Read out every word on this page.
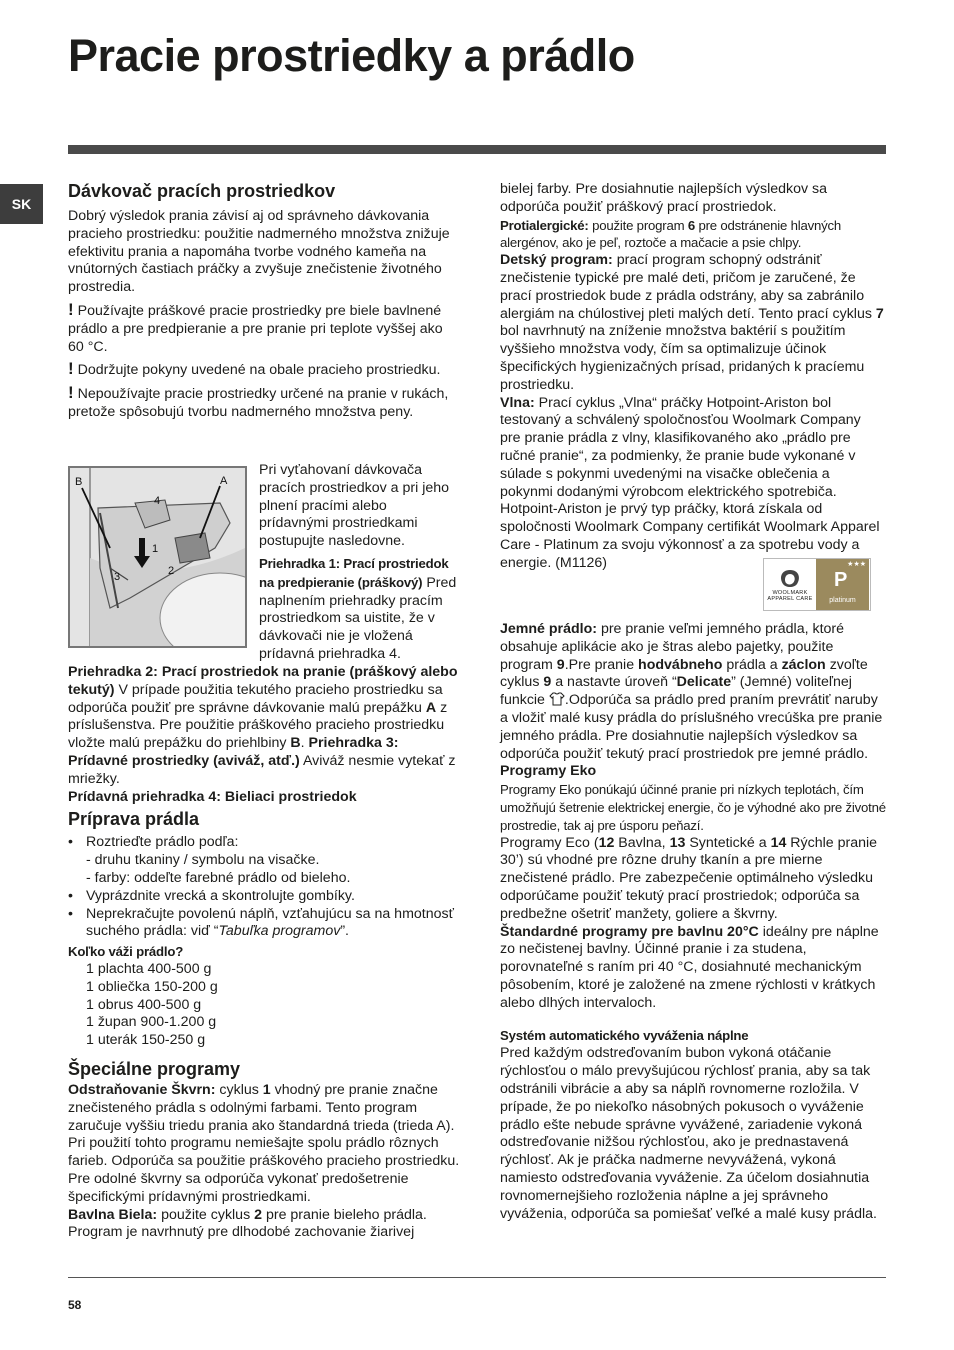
Pracie prostriedky a prádlo
SK

Dávkovač pracích prostriedkov

Dobrý výsledok prania závisí aj od správneho dávkovania pracieho prostriedku: použitie nadmerného množstva znižuje efektivitu prania a napomáha tvorbe vodného kameňa na vnútorných častiach práčky a zvyšuje znečistenie životného prostredia.

! Používajte práškové pracie prostriedky pre biele bavlnené prádlo a pre predpieranie a pre pranie pri teplote vyššej ako 60 °C.

! Dodržujte pokyny uvedené na obale pracieho prostriedku.

! Nepoužívajte pracie prostriedky určené na pranie v rukách, pretože spôsobujú tvorbu nadmerného množstva peny.

B	A
1
2
3
4

Pri vyťahovaní dávkovača pracích prostriedkov a pri jeho plnení pracími alebo prídavnými prostriedkami postupujte nasledovne.

Priehradka 1: Prací prostriedok na predpieranie (práškový) Pred naplnením priehradky pracím prostriedkom sa uistite, že v dávkovači nie je vložená prídavná priehradka 4.

Priehradka 2: Prací prostriedok na pranie (práškový alebo tekutý) V prípade použitia tekutého pracieho prostriedku sa odporúča použiť pre správne dávkovanie malú prepážku A z príslušenstva. Pre použitie práškového pracieho prostriedku vložte malú prepážku do priehlbiny B. Priehradka 3: Prídavné prostriedky (aviváž, atď.) Aviváž nesmie vytekať z mriežky.

Prídavná priehradka 4: Bieliaci prostriedok

Príprava prádla

• Roztrieďte prádlo podľa:
- druhu tkaniny / symbolu na visačke.
- farby: oddeľte farebné prádlo od bieleho.
• Vyprázdnite vrecká a skontrolujte gombíky.
• Neprekračujte povolenú náplň, vzťahujúcu sa na hmotnosť suchého prádla: viď “Tabuľka programov”.

Koľko váži prádlo?

1 plachta 400-500 g
1 obliečka 150-200 g
1 obrus 400-500 g
1 župan 900-1.200 g
1 uterák 150-250 g

Špeciálne programy

Odstraňovanie Škvrn: cyklus 1 vhodný pre pranie značne znečisteného prádla s odolnými farbami. Tento program zaručuje vyššiu triedu prania ako štandardná trieda (trieda A). Pri použití tohto programu nemiešajte spolu prádlo rôznych farieb. Odporúča sa použitie práškového pracieho prostriedku. Pre odolné škvrny sa odporúča vykonať predošetrenie špecifickými prídavnými prostriedkami.

Bavlna Biela: použite cyklus 2 pre pranie bieleho prádla. Program je navrhnutý pre dlhodobé zachovanie žiarivej

bielej farby. Pre dosiahnutie najlepších výsledkov sa odporúča použiť práškový prací prostriedok.

Protialergické: použite program 6 pre odstránenie hlavných alergénov, ako je peľ, roztoče a mačacie a psie chlpy.

Detský program: prací program schopný odstrániť znečistenie typické pre malé deti, pričom je zaručené, že prací prostriedok bude z prádla odstrány, aby sa zabránilo alergiám na chúlostivej pleti malých detí. Tento prací cyklus 7 bol navrhnutý na zníženie množstva baktérií s použitím vyššieho množstva vody, čím sa optimalizuje účinok špecifických hygienizačných prísad, pridaných k pracíemu prostriedku.

Vlna: Prací cyklus „Vlna“ práčky Hotpoint-Ariston bol testovaný a schválený spoločnosťou Woolmark Company pre pranie prádla z vlny, klasifikovaného ako „prádlo pre ručné pranie“, za podmienky, že pranie bude vykonané v súlade s pokynmi uvedenými na visačke oblečenia a pokynmi dodanými výrobcom elektrického spotrebiča. Hotpoint-Ariston je prvý typ práčky, ktorá získala od spoločnosti Woolmark Company certifikát Woolmark Apparel Care - Platinum za svoju výkonnosť a za spotrebu vody a energie. (M1126)

WOOLMARK
APPAREL CARE
★★★
P
platinum

Jemné prádlo: pre pranie veľmi jemného prádla, ktoré obsahuje aplikácie ako je štras alebo pajetky, použite program 9.Pre pranie hodvábneho prádla a záclon zvoľte cyklus 9 a nastavte úroveň “Delicate” (Jemné) voliteľnej funkcie .Odporúča sa prádlo pred praním prevrátiť naruby a vložiť malé kusy prádla do príslušného vrecúška pre pranie jemného prádla. Pre dosiahnutie najlepších výsledkov sa odporúča použiť tekutý prací prostriedok pre jemné prádlo.

Programy Eko

Programy Eko ponúkajú účinné pranie pri nízkych teplotách, čím umožňujú šetrenie elektrickej energie, čo je výhodné ako pre životné prostredie, tak aj pre úsporu peňazí.

Programy Eco (12 Bavlna, 13 Syntetické a 14 Rýchle pranie 30’) sú vhodné pre rôzne druhy tkanín a pre mierne znečistené prádlo. Pre zabezpečenie optimálneho výsledku odporúčame použiť tekutý prací prostriedok; odporúča sa predbežne ošetriť manžety, goliere a škvrny.

Štandardné programy pre bavlnu 20°C ideálny pre náplne zo nečistenej bavlny. Účinné pranie i za studena, porovnateľné s raním pri 40 °C, dosiahnuté mechanickým pôsobením, ktoré je založené na zmene rýchlosti v krátkych alebo dlhých intervaloch.

Systém automatického vyváženia náplne

Pred každým odstreďovaním bubon vykoná otáčanie rýchlosťou o málo prevyšujúcou rýchlosť prania, aby sa tak odstránili vibrácie a aby sa náplň rovnomerne rozložila. V prípade, že po niekoľko násobných pokusoch o vyváženie prádlo ešte nebude správne vyvážené, zariadenie vykoná odstreďovanie nižšou rýchlosťou, ako je prednastavená rýchlosť. Ak je práčka nadmerne nevyvážená, vykoná namiesto odstreďovania vyváženie. Za účelom dosiahnutia rovnomernejšieho rozloženia náplne a jej správneho vyváženia, odporúča sa pomiešať veľké a malé kusy prádla.

58
